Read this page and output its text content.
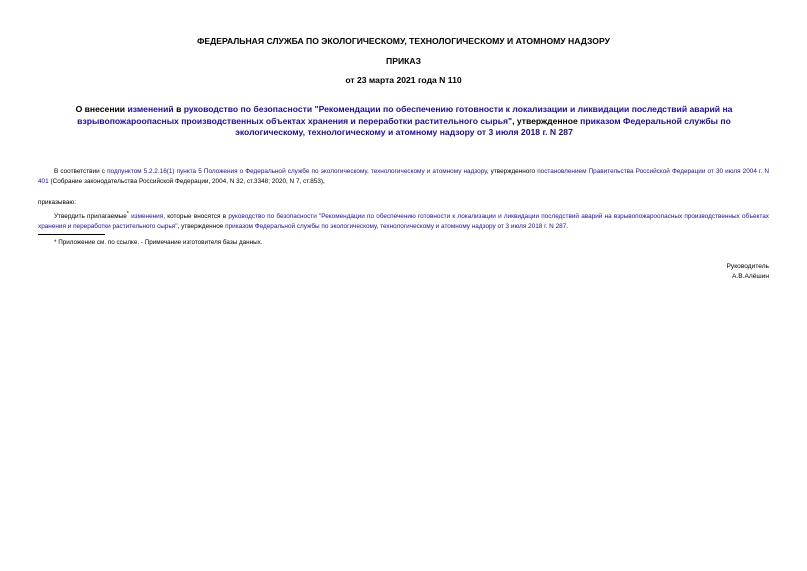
ФЕДЕРАЛЬНАЯ СЛУЖБА ПО ЭКОЛОГИЧЕСКОМУ, ТЕХНОЛОГИЧЕСКОМУ И АТОМНОМУ НАДЗОРУ
ПРИКАЗ
от 23 марта 2021 года N 110
О внесении изменений в руководство по безопасности "Рекомендации по обеспечению готовности к локализации и ликвидации последствий аварий на взрывопожароопасных производственных объектах хранения и переработки растительного сырья", утвержденное приказом Федеральной службы по экологическому, технологическому и атомному надзору от 3 июля 2018 г. N 287
В соответствии с подпунктом 5.2.2.16(1) пункта 5 Положения о Федеральной службе по экологическому, технологическому и атомному надзору, утвержденного постановлением Правительства Российской Федерации от 30 июля 2004 г. N 401 (Собрание законодательства Российской Федерации, 2004, N 32, ст.3348; 2020, N 7, ст.853),
приказываю:
Утвердить прилагаемые* изменения, которые вносятся в руководство по безопасности "Рекомендации по обеспечению готовности к локализации и ликвидации последствий аварий на взрывопожароопасных производственных объектах хранения и переработки растительного сырья", утвержденное приказом Федеральной службы по экологическому, технологическому и атомному надзору от 3 июля 2018 г. N 287.
* Приложение см. по ссылке. - Примечание изготовителя базы данных.
Руководитель
А.В.Алёшин
